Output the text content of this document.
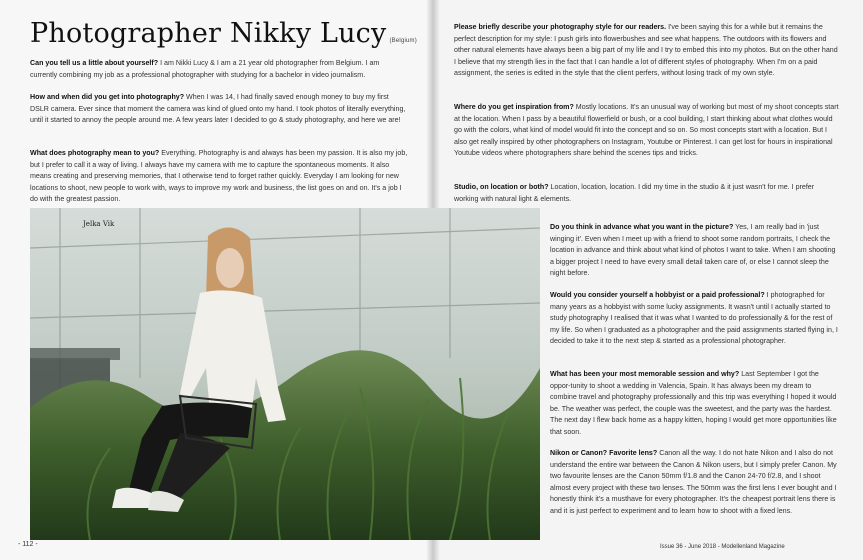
Photographer Nikky Lucy (Belgium)

Can you tell us a little about yourself? I am Nikki Lucy & I am a 21 year old photographer from Belgium. I am currently combining my job as a professional photographer with studying for a bachelor in video journalism.

How and when did you get into photography? When I was 14, I had finally saved enough money to buy my first DSLR camera. Ever since that moment the camera was kind of glued onto my hand. I took photos of literally everything, until it started to annoy the people around me. A few years later I decided to go & study photography, and here we are!

What does photography mean to you? Everything. Photography is and always has been my passion. It is also my job, but I prefer to call it a way of living. I always have my camera with me to capture the spontaneous moments. It also means creating and preserving memories, that I otherwise tend to forget rather quickly. Everyday I am looking for new locations to shoot, new people to work with, ways to improve my work and business, the list goes on and on. It's a job I do with the greatest passion.

Please briefly describe your photography style for our readers. I've been saying this for a while but it remains the perfect description for my style: I push girls into flowerbushes and see what happens. The outdoors with its flowers and other natural elements have always been a big part of my life and I try to embed this into my photos. But on the other hand I believe that my strength lies in the fact that I can handle a lot of different styles of photography. When I'm on a paid assignment, the series is edited in the style that the client perfers, without losing track of my own style.

Where do you get inspiration from? Mostly locations. It's an unusual way of working but most of my shoot concepts start at the location. When I pass by a beautiful flowerfield or bush, or a cool building, I start thinking about what clothes would go with the colors, what kind of model would fit into the concept and so on. So most concepts start with a location. But I also get really inspired by other photographers on Instagram, Youtube or Pinterest. I can get lost for hours in inspirational Youtube videos where photographers share behind the scenes tips and tricks.

Studio, on location or both? Location, location, location. I did my time in the studio & it just wasn't for me. I prefer working with natural light & elements.

Jelka Vik	Do you think in advance what you want in the picture? Yes, I am really bad in 'just winging it'. Even when I meet up with a friend to shoot some random portraits, I check the location in advance and think about what kind of photos I want to take. When I am shooting a bigger project I need to have every small detail taken care of, or else I cannot sleep the night before.

Would you consider yourself a hobbyist or a paid professional? I photographed for many years as a hobbyist with some lucky assignments. It wasn't until I actually started to study photography I realised that it was what I wanted to do professionally & for the rest of my life. So when I graduated as a photographer and the paid assignments started flying in, I decided to take it to the next step & started as a professional photographer.

What has been your most memorable session and why? Last September I got the oppor-tunity to shoot a wedding in Valencia, Spain. It has always been my dream to combine travel and photography professionally and this trip was everything I hoped it would be. The weather was perfect, the couple was the sweetest, and the party was the hardest. The next day I flew back home as a happy kitten, hoping I would get more opportunities like that soon.

Nikon or Canon? Favorite lens? Canon all the way. I do not hate Nikon and I also do not understand the entire war between the Canon & Nikon users, but I simply prefer Canon. My two favourite lenses are the Canon 50mm f/1.8 and the Canon 24-70 f/2.8, and I shoot almost every project with these two lenses. The 50mm was the first lens I ever bought and I honestly think it's a musthave for every photographer. It's the cheapest portrait lens there is and it is just perfect to experiment and to learn how to shoot with a fixed lens.

- 112 -	Issue 36 - June 2018 - Modellenland Magazine
